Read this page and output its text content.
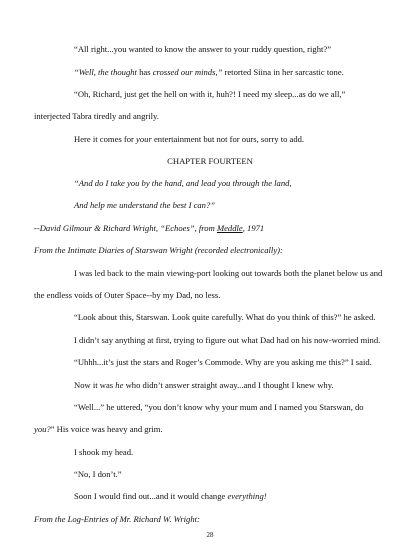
“All right...you wanted to know the answer to your ruddy question, right?”
“Well, the thought has crossed our minds,” retorted Siina in her sarcastic tone.
“Oh, Richard, just get the hell on with it, huh?! I need my sleep...as do we all,”
interjected Tabra tiredly and angrily.
Here it comes for your entertainment but not for ours, sorry to add.
CHAPTER FOURTEEN
“And do I take you by the hand, and lead you through the land,
And help me understand the best I can?”
--David Gilmour & Richard Wright, “Echoes”, from Meddle, 1971
From the Intimate Diaries of Starswan Wright (recorded electronically):
I was led back to the main viewing-port looking out towards both the planet below us and
the endless voids of Outer Space--by my Dad, no less.
“Look about this, Starswan. Look quite carefully. What do you think of this?” he asked.
I didn’t say anything at first, trying to figure out what Dad had on his now-worried mind.
“Uhhh...it’s just the stars and Roger’s Commode. Why are you asking me this?” I said.
Now it was he who didn’t answer straight away...and I thought I knew why.
“Well...” he uttered, “you don’t know why your mum and I named you Starswan, do
you?” His voice was heavy and grim.
I shook my head.
“No, I don’t.”
Soon I would find out...and it would change everything!
From the Log-Entries of Mr. Richard W. Wright:
28
